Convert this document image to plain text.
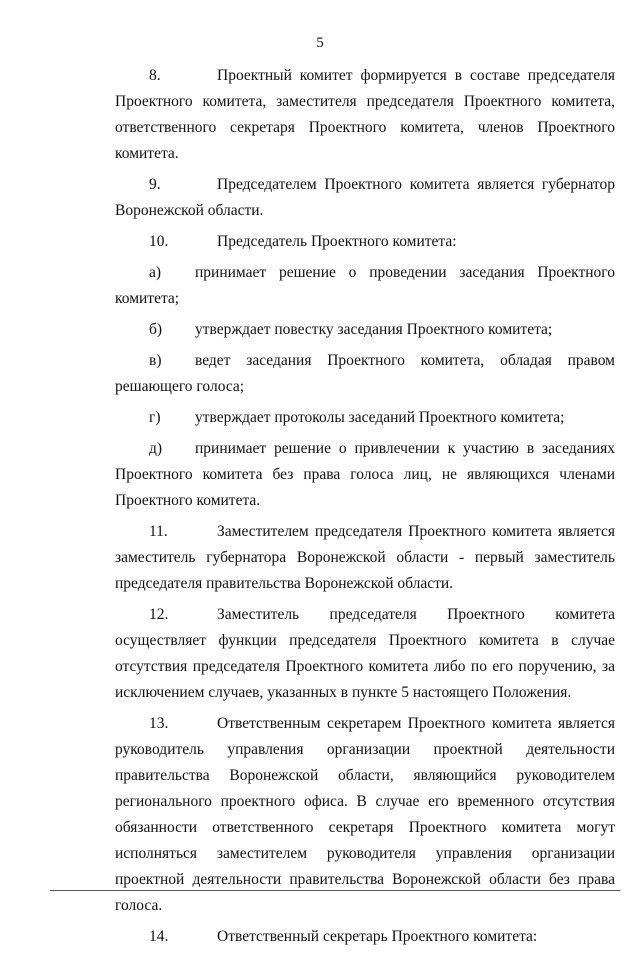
5

8.	Проектный комитет формируется в составе председателя Проектного комитета, заместителя председателя Проектного комитета, ответственного секретаря Проектного комитета, членов Проектного комитета.

9.	Председателем Проектного комитета является губернатор Воронежской области.

10.	Председатель Проектного комитета:

а) принимает решение о проведении заседания Проектного комитета;

б) утверждает повестку заседания Проектного комитета;

в) ведет заседания Проектного комитета, обладая правом решающего голоса;

г) утверждает протоколы заседаний Проектного комитета;

д) принимает решение о привлечении к участию в заседаниях Проектного комитета без права голоса лиц, не являющихся членами Проектного комитета.

11.	Заместителем председателя Проектного комитета является заместитель губернатора Воронежской области - первый заместитель председателя правительства Воронежской области.

12.	Заместитель председателя Проектного комитета осуществляет функции председателя Проектного комитета в случае отсутствия председателя Проектного комитета либо по его поручению, за исключением случаев, указанных в пункте 5 настоящего Положения.

13.	Ответственным секретарем Проектного комитета является руководитель управления организации проектной деятельности правительства Воронежской области, являющийся руководителем регионального проектного офиса. В случае его временного отсутствия обязанности ответственного секретаря Проектного комитета могут исполняться заместителем руководителя управления организации проектной деятельности правительства Воронежской области без права голоса.

14.	Ответственный секретарь Проектного комитета:
